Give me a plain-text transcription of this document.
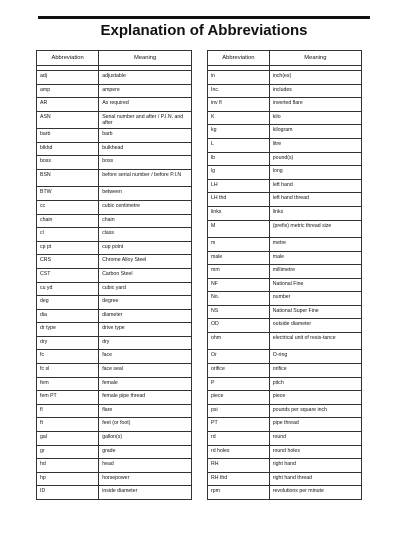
Explanation of Abbreviations
Abbreviation	Meaning

adj	adjustable
amp	ampere
AR	As required
ASN	Serial number and after / P.I.N. and after
barb	barb
blkhd	bulkhead
boss	boss
BSN	before serial number / before P.I.N
BTW	between
cc	cubic centimetre
chain	chain
cl	class
cp pt	cup point
CRS	Chrome Alloy Steel
CST	Carbon Steel
cu yd	cubic yard
deg	degree
dia	diameter
dr type	drive type
dry	dry
fc	face
fc sl	face seal
fem	female
fem PT	female pipe thread
fl	flare
ft	feet (or foot)
gal	gallon(s)
gr	grade
hd	head
hp	horsepower
ID	inside diameter
Abbreviation	Meaning

in	inch(es)
Inc.	includes
inv fl	inverted flare
K	kilo
kg	kilogram
L	litre
lb	pound(s)
lg	long
LH	left hand
LH thd	left hand thread
links	links
M	(prefix) metric thread size
m	metre
male	male
mm	millimetre
NF	National Fine
No.	number
NS	National Super Fine
OD	outside diameter
ohm	electrical unit of resis-tance
Or	O-ring
orifice	orifice
P	pitch
piece	piece
psi	pounds per square inch
PT	pipe thread
rd	round
rd holes	round holes
RH	right hand
RH thd	right hand thread
rpm	revolutions per minute
